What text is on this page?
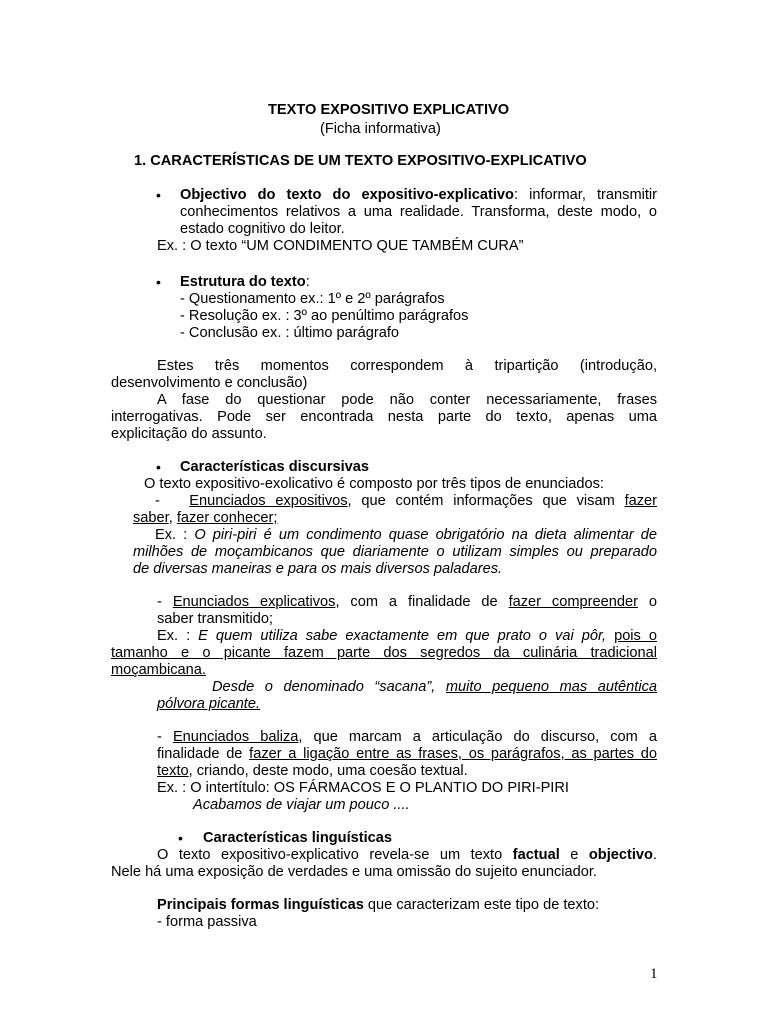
TEXTO EXPOSITIVO EXPLICATIVO
(Ficha informativa)
1. CARACTERÍSTICAS DE UM TEXTO EXPOSITIVO-EXPLICATIVO
• Objectivo do texto do expositivo-explicativo: informar, transmitir
conhecimentos relativos a uma realidade. Transforma, deste modo, o
estado cognitivo do leitor.
Ex. : O texto “UM CONDIMENTO QUE TAMBÉM CURA”
• Estrutura do texto:
- Questionamento ex.: 1º e 2º parágrafos
- Resolução ex. : 3º ao penúltimo parágrafos
- Conclusão ex. : último parágrafo
Estes três momentos correspondem à tripartição (introdução,
desenvolvimento e conclusão)
A fase do questionar pode não conter necessariamente, frases
interrogativas. Pode ser encontrada nesta parte do texto, apenas uma
explicitação do assunto.
• Características discursivas
O texto expositivo-exolicativo é composto por três tipos de enunciados:
- Enunciados expositivos, que contém informações que visam fazer
saber, fazer conhecer;
Ex. : O piri-piri é um condimento quase obrigatório na dieta alimentar de
milhões de moçambicanos que diariamente o utilizam simples ou preparado
de diversas maneiras e para os mais diversos paladares.
- Enunciados explicativos, com a finalidade de fazer compreender o
saber transmitido;
Ex. : E quem utiliza sabe exactamente em que prato o vai pôr, pois o
tamanho e o picante fazem parte dos segredos da culinária tradicional
moçambicana.
Desde o denominado “sacana”, muito pequeno mas autêntica
pólvora picante.
- Enunciados baliza, que marcam a articulação do discurso, com a
finalidade de fazer a ligação entre as frases, os parágrafos, as partes do
texto, criando, deste modo, uma coesão textual.
Ex. : O intertítulo: OS FÁRMACOS E O PLANTIO DO PIRI-PIRI
Acabamos de viajar um pouco ....
• Características linguísticas
O texto expositivo-explicativo revela-se um texto factual e objectivo.
Nele há uma exposição de verdades e uma omissão do sujeito enunciador.
Principais formas linguísticas que caracterizam este tipo de texto:
- forma passiva
1
